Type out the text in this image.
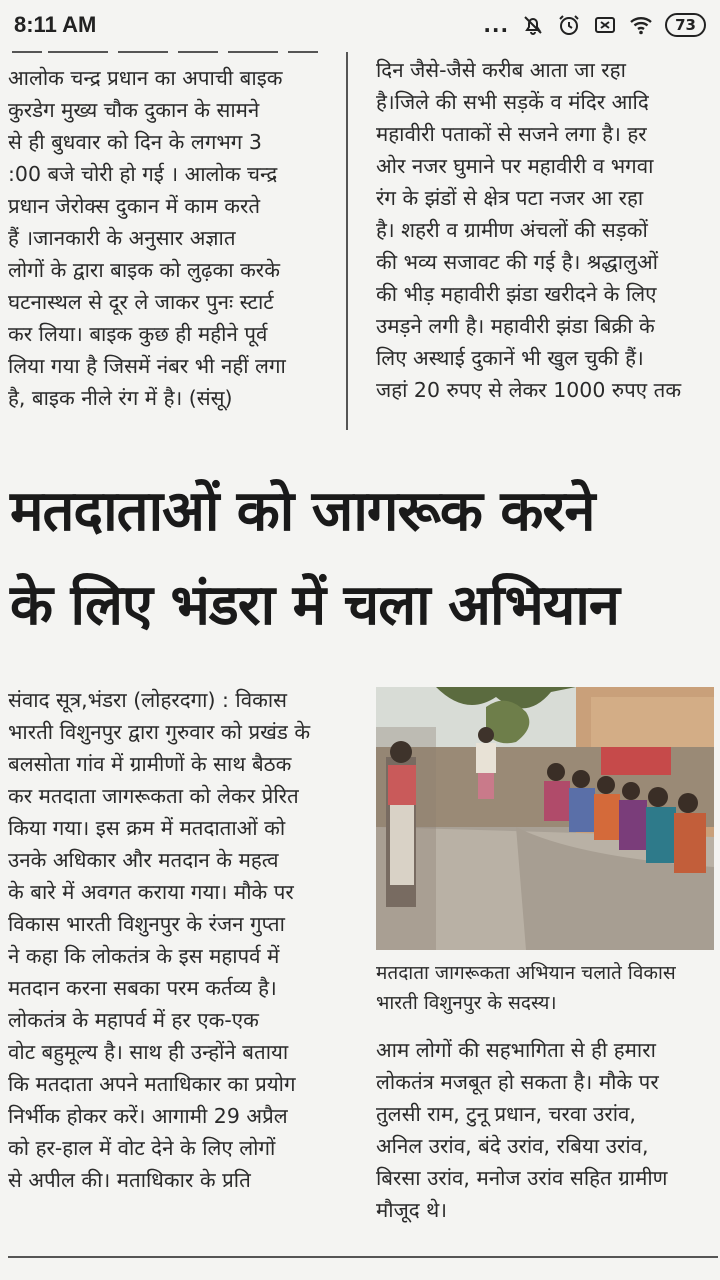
8:11 AM	...	73
आलोक चन्द्र प्रधान का अपाची बाइक
कुरडेग मुख्य चौक दुकान के सामने
से ही बुधवार को दिन के लगभग 3
:00 बजे चोरी हो गई । आलोक चन्द्र
प्रधान जेरोक्स दुकान में काम करते
हैं ।जानकारी के अनुसार अज्ञात
लोगों के द्वारा बाइक को लुढ़का करके
घटनास्थल से दूर ले जाकर पुनः स्टार्ट
कर लिया। बाइक कुछ ही महीने पूर्व
लिया गया है जिसमें नंबर भी नहीं लगा
है, बाइक नीले रंग में है। (संसू)
दिन जैसे-जैसे करीब आता जा रहा
है।जिले की सभी सड़कें व मंदिर आदि
महावीरी पताकों से सजने लगा है। हर
ओर नजर घुमाने पर महावीरी व भगवा
रंग के झंडों से क्षेत्र पटा नजर आ रहा
है। शहरी व ग्रामीण अंचलों की सड़कों
की भव्य सजावट की गई है। श्रद्धालुओं
की भीड़ महावीरी झंडा खरीदने के लिए
उमड़ने लगी है। महावीरी झंडा बिक्री के
लिए अस्थाई दुकानें भी खुल चुकी हैं।
जहां 20 रुपए से लेकर 1000 रुपए तक
मतदाताओं को जागरूक करने
के लिए भंडरा में चला अभियान
संवाद सूत्र,भंडरा (लोहरदगा) : विकास
भारती विशुनपुर द्वारा गुरुवार को प्रखंड के
बलसोता गांव में ग्रामीणों के साथ बैठक
कर मतदाता जागरूकता को लेकर प्रेरित
किया गया। इस क्रम में मतदाताओं को
उनके अधिकार और मतदान के महत्व
के बारे में अवगत कराया गया। मौके पर
विकास भारती विशुनपुर के रंजन गुप्ता
ने कहा कि लोकतंत्र के इस महापर्व में
मतदान करना सबका परम कर्तव्य है।
लोकतंत्र के महापर्व में हर एक-एक
वोट बहुमूल्य है। साथ ही उन्होंने बताया
कि मतदाता अपने मताधिकार का प्रयोग
निर्भीक होकर करें। आगामी 29 अप्रैल
को हर-हाल में वोट देने के लिए लोगों
से अपील की। मताधिकार के प्रति
मतदाता जागरूकता अभियान चलाते विकास
भारती विशुनपुर के सदस्य।
आम लोगों की सहभागिता से ही हमारा
लोकतंत्र मजबूत हो सकता है। मौके पर
तुलसी राम, टुनू प्रधान, चरवा उरांव,
अनिल उरांव, बंदे उरांव, रबिया उरांव,
बिरसा उरांव, मनोज उरांव सहित ग्रामीण
मौजूद थे।
